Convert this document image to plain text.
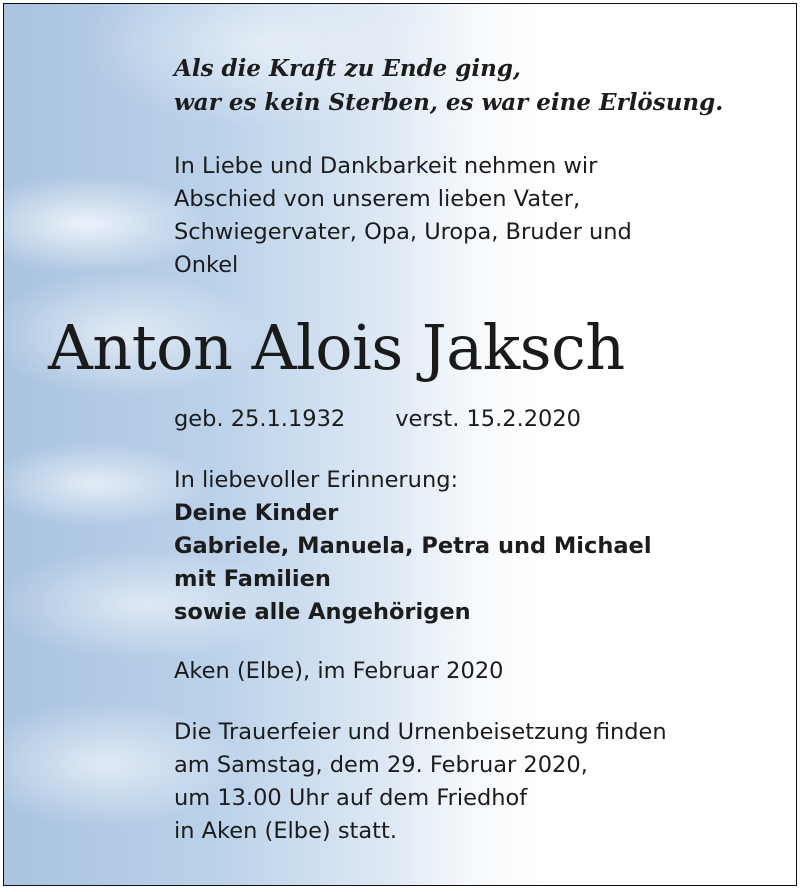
Als die Kraft zu Ende ging,
war es kein Sterben, es war eine Erlösung.
In Liebe und Dankbarkeit nehmen wir
Abschied von unserem lieben Vater,
Schwiegervater, Opa, Uropa, Bruder und
Onkel
Anton Alois Jaksch
geb. 25.1.1932 verst. 15.2.2020
In liebevoller Erinnerung:
Deine Kinder
Gabriele, Manuela, Petra und Michael
mit Familien
sowie alle Angehörigen
Aken (Elbe), im Februar 2020
Die Trauerfeier und Urnenbeisetzung finden
am Samstag, dem 29. Februar 2020,
um 13.00 Uhr auf dem Friedhof
in Aken (Elbe) statt.
